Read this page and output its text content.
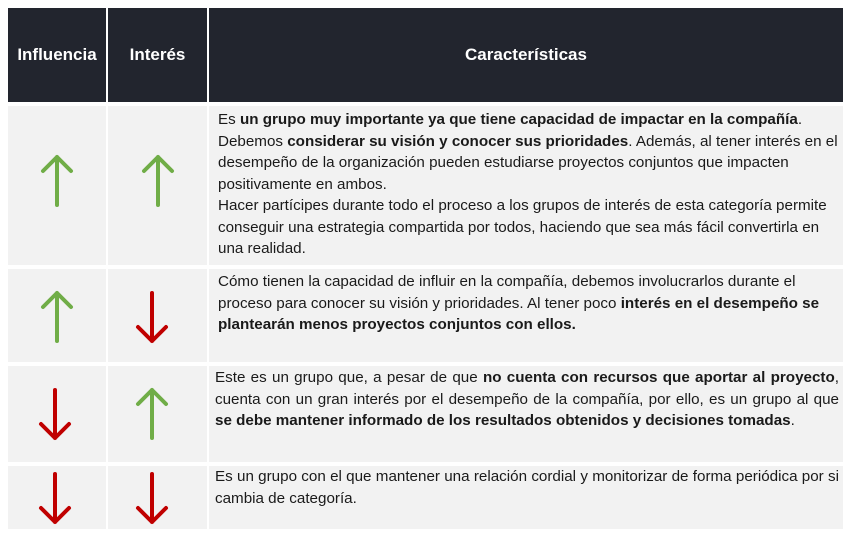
Influencia	Interés	Características
Es un grupo muy importante ya que tiene capacidad de impactar en la compañía. Debemos considerar su visión y conocer sus prioridades. Además, al tener interés en el desempeño de la organización pueden estudiarse proyectos conjuntos que impacten positivamente en ambos.
Hacer partícipes durante todo el proceso a los grupos de interés de esta categoría permite conseguir una estrategia compartida por todos, haciendo que sea más fácil convertirla en una realidad.
Cómo tienen la capacidad de influir en la compañía, debemos involucrarlos durante el proceso para conocer su visión y prioridades. Al tener poco interés en el desempeño se plantearán menos proyectos conjuntos con ellos.
Este es un grupo que, a pesar de que no cuenta con recursos que aportar al proyecto, cuenta con un gran interés por el desempeño de la compañía, por ello, es un grupo al que se debe mantener informado de los resultados obtenidos y decisiones tomadas.
Es un grupo con el que mantener una relación cordial y monitorizar de forma periódica por si cambia de categoría.
